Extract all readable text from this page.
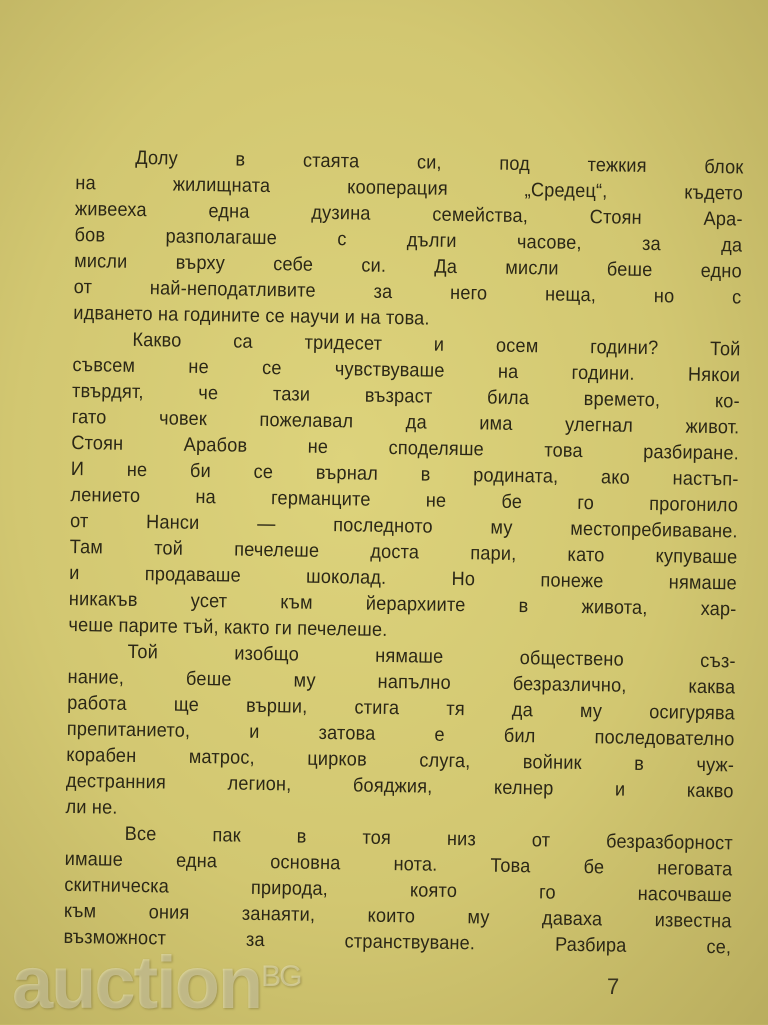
Долу в стаята си, под тежкия блок
на жилищната кооперация „Средец“, където
живееха една дузина семейства, Стоян Ара-
бов разполагаше с дълги часове, за да
мисли върху себе си. Да мисли беше едно
от най-неподатливите за него неща, но с
идването на годините се научи и на това.
Какво са тридесет и осем години? Той
съвсем не се чувствуваше на години. Някои
твърдят, че тази възраст била времето, ко-
гато човек пожелавал да има улегнал живот.
Стоян Арабов не споделяше това разбиране.
И не би се върнал в родината, ако настъп-
лението на германците не бе го прогонило
от Нанси — последното му местопребиваване.
Там той печелеше доста пари, като купуваше
и продаваше шоколад. Но понеже нямаше
никакъв усет към йерархиите в живота, хар-
чеше парите тъй, както ги печелеше.
Той изобщо нямаше обществено съз-
нание, беше му напълно безразлично, каква
работа ще върши, стига тя да му осигурява
препитанието, и затова е бил последователно
корабен матрос, цирков слуга, войник в чуж-
дестранния легион, бояджия, келнер и какво
ли не.
Все пак в тоя низ от безразборност
имаше една основна нота. Това бе неговата
скитническа природа, която го насочваше
към ония занаяти, които му даваха известна
възможност за странствуване. Разбира се,
7
auction$^{BG}$
